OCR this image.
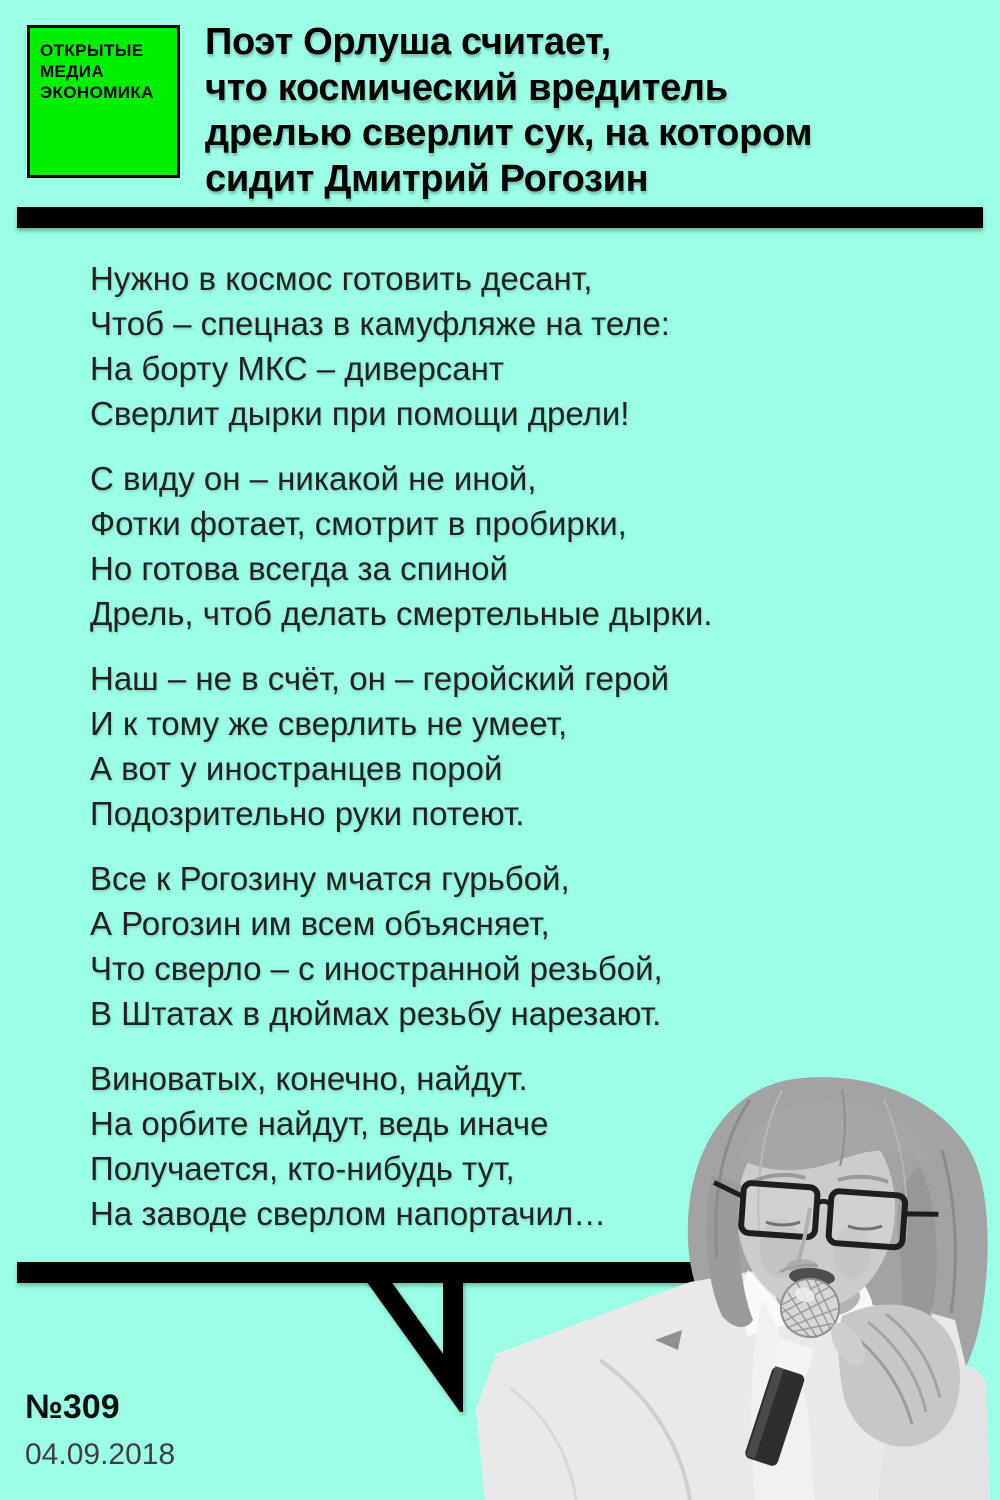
ОТКРЫТЫЕ
МЕДИА
ЭКОНОМИКА
Поэт Орлуша считает,
что космический вредитель
дрелью сверлит сук, на котором
сидит Дмитрий Рогозин
Нужно в космос готовить десант,
Чтоб – спецназ в камуфляже на теле:
На борту МКС – диверсант
Сверлит дырки при помощи дрели!
С виду он – никакой не иной,
Фотки фотает, смотрит в пробирки,
Но готова всегда за спиной
Дрель, чтоб делать смертельные дырки.
Наш – не в счёт, он – геройский герой
И к тому же сверлить не умеет,
А вот у иностранцев порой
Подозрительно руки потеют.
Все к Рогозину мчатся гурьбой,
А Рогозин им всем объясняет,
Что сверло – с иностранной резьбой,
В Штатах в дюймах резьбу нарезают.
Виноватых, конечно, найдут.
На орбите найдут, ведь иначе
Получается, кто-нибудь тут,
На заводе сверлом напортачил…
№309
04.09.2018
